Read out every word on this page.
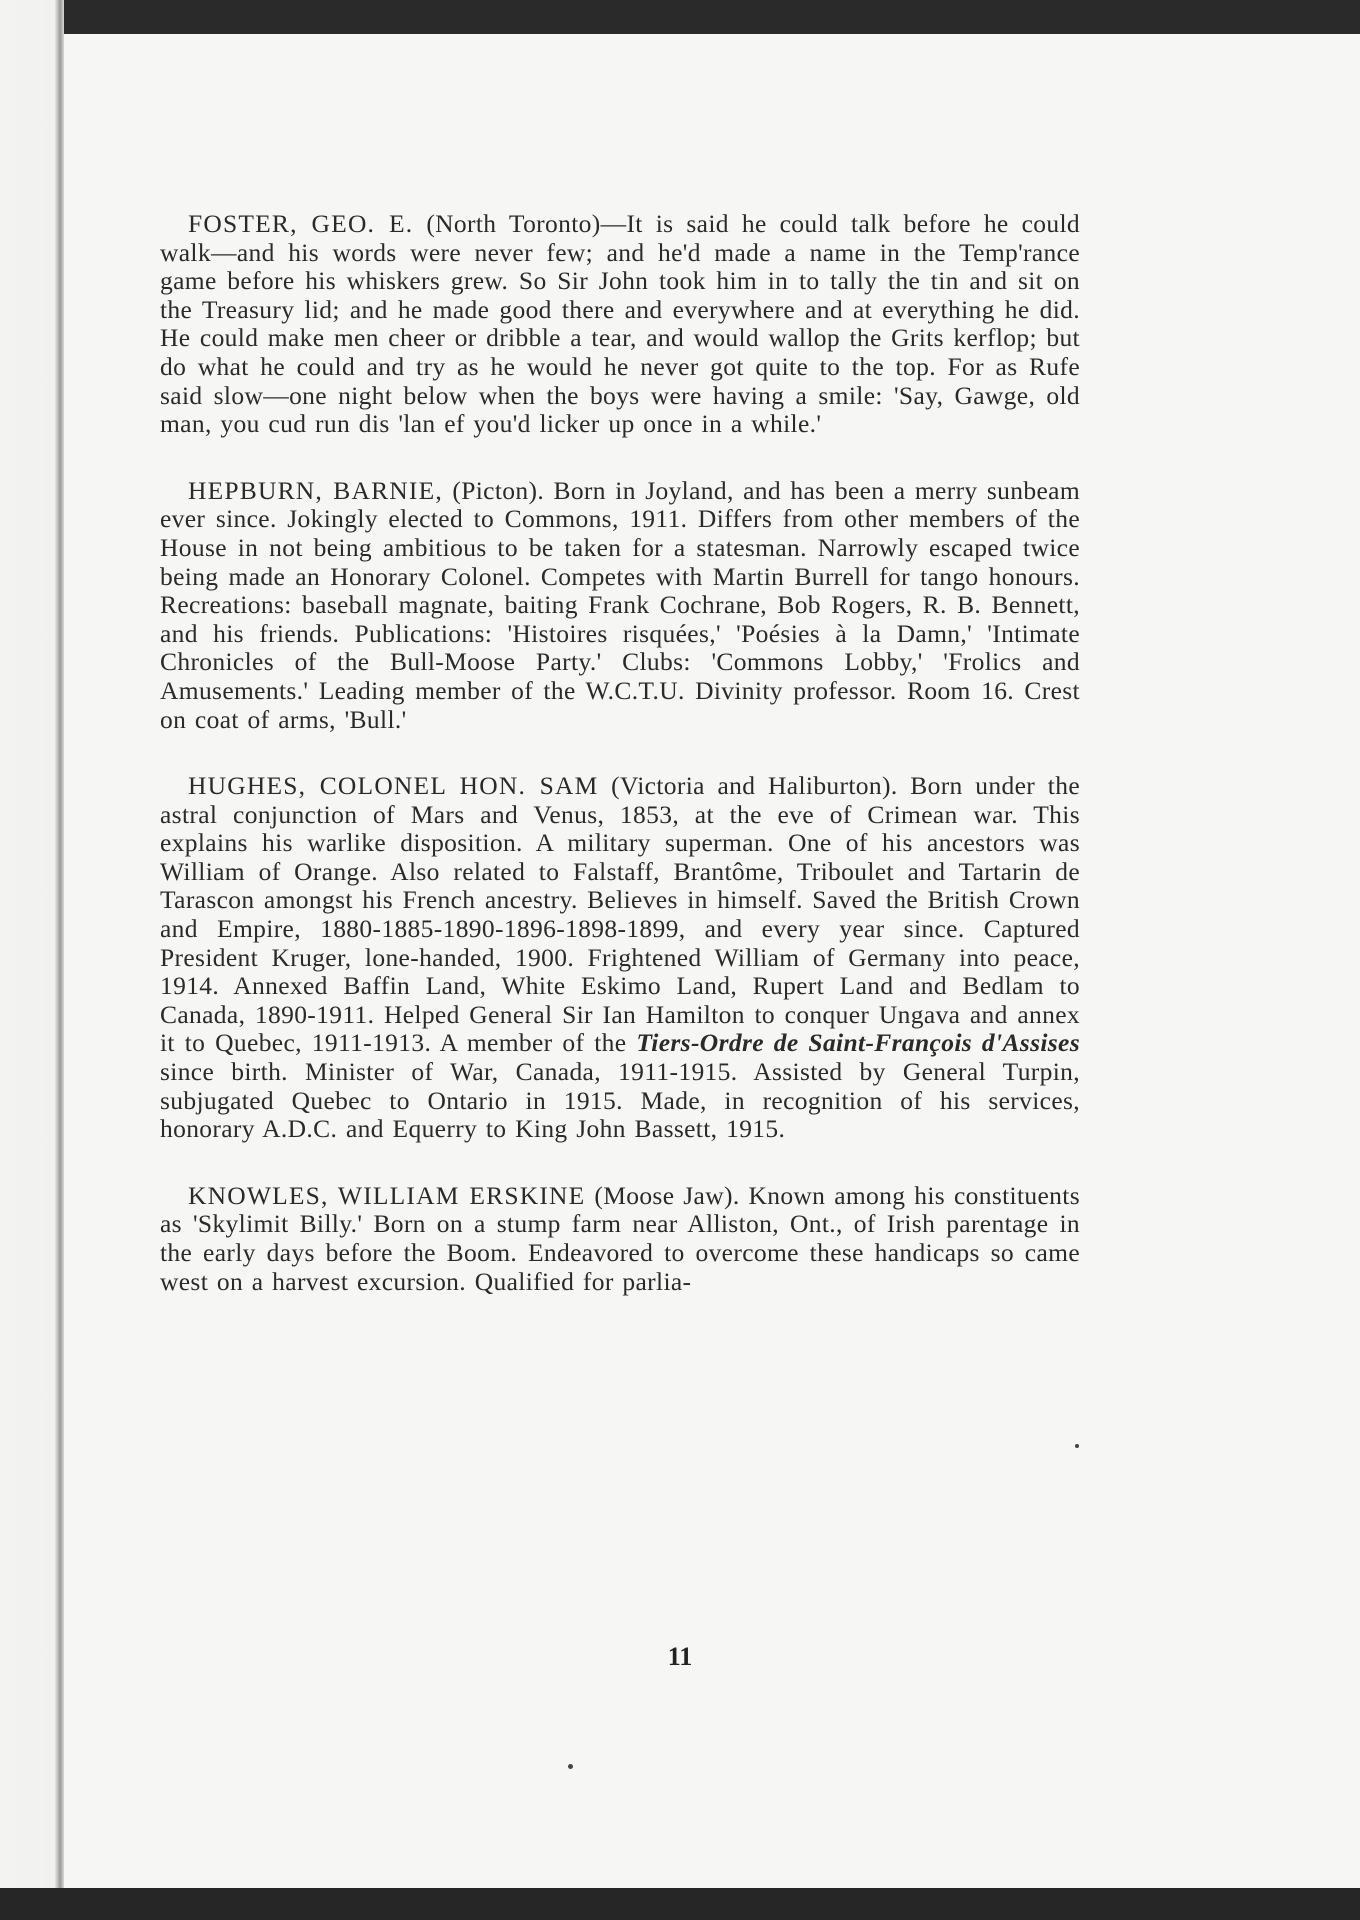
FOSTER, GEO. E. (North Toronto)—It is said he could talk before he could walk—and his words were never few; and he'd made a name in the Temp'rance game before his whiskers grew. So Sir John took him in to tally the tin and sit on the Treasury lid; and he made good there and everywhere and at everything he did. He could make men cheer or dribble a tear, and would wallop the Grits kerflop; but do what he could and try as he would he never got quite to the top. For as Rufe said slow—one night below when the boys were having a smile: 'Say, Gawge, old man, you cud run dis 'lan ef you'd licker up once in a while.'

HEPBURN, BARNIE, (Picton). Born in Joyland, and has been a merry sunbeam ever since. Jokingly elected to Commons, 1911. Differs from other members of the House in not being ambitious to be taken for a statesman. Narrowly escaped twice being made an Honorary Colonel. Competes with Martin Burrell for tango honours. Recreations: baseball magnate, baiting Frank Cochrane, Bob Rogers, R. B. Bennett, and his friends. Publications: 'Histoires risquées,' 'Poésies à la Damn,' 'Intimate Chronicles of the Bull-Moose Party.' Clubs: 'Commons Lobby,' 'Frolics and Amusements.' Leading member of the W.C.T.U. Divinity professor. Room 16. Crest on coat of arms, 'Bull.'

HUGHES, COLONEL HON. SAM (Victoria and Haliburton). Born under the astral conjunction of Mars and Venus, 1853, at the eve of Crimean war. This explains his warlike disposition. A military superman. One of his ancestors was William of Orange. Also related to Falstaff, Brantôme, Triboulet and Tartarin de Tarascon amongst his French ancestry. Believes in himself. Saved the British Crown and Empire, 1880-1885-1890-1896-1898-1899, and every year since. Captured President Kruger, lone-handed, 1900. Frightened William of Germany into peace, 1914. Annexed Baffin Land, White Eskimo Land, Rupert Land and Bedlam to Canada, 1890-1911. Helped General Sir Ian Hamilton to conquer Ungava and annex it to Quebec, 1911-1913. A member of the Tiers-Ordre de Saint-François d'Assises since birth. Minister of War, Canada, 1911-1915. Assisted by General Turpin, subjugated Quebec to Ontario in 1915. Made, in recognition of his services, honorary A.D.C. and Equerry to King John Bassett, 1915.

KNOWLES, WILLIAM ERSKINE (Moose Jaw). Known among his constituents as 'Skylimit Billy.' Born on a stump farm near Alliston, Ont., of Irish parentage in the early days before the Boom. Endeavored to overcome these handicaps so came west on a harvest excursion. Qualified for parlia-

11
